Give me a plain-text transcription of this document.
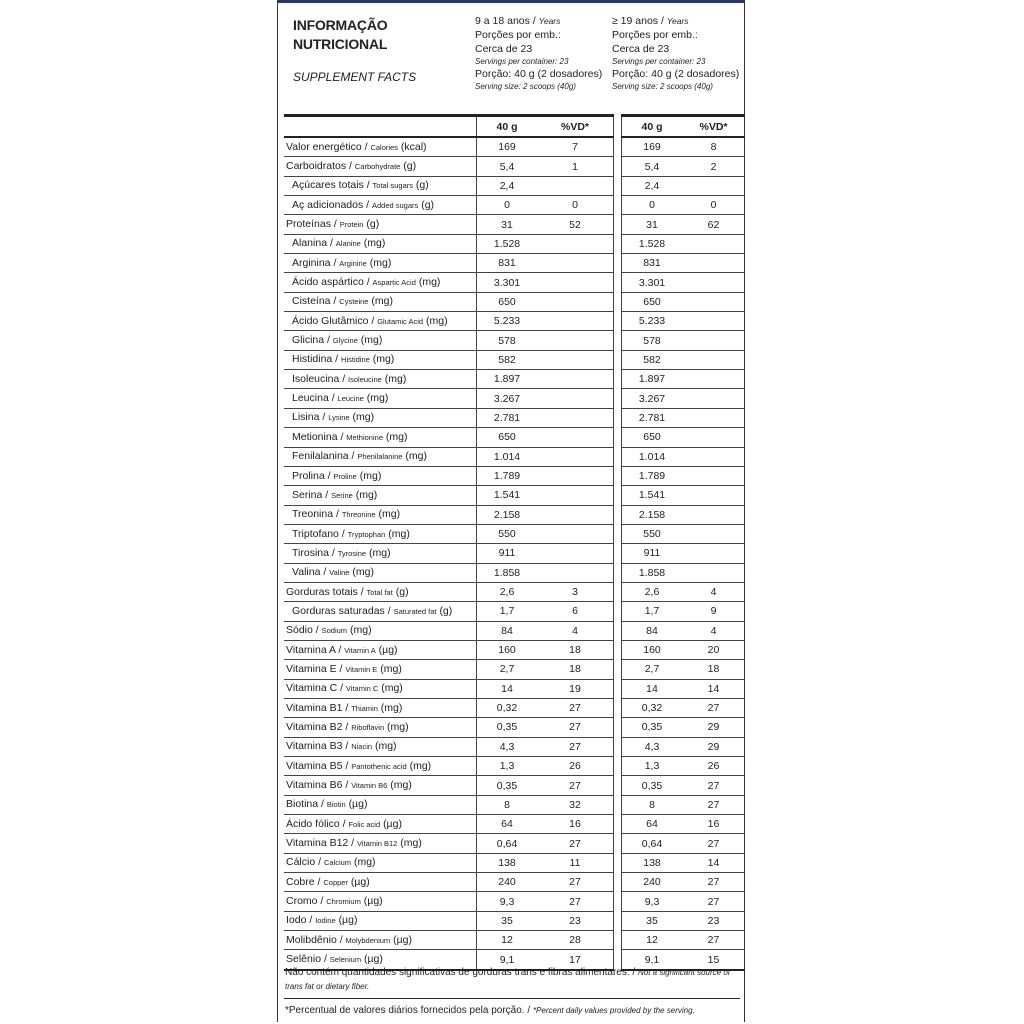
INFORMAÇÃO
NUTRICIONAL
SUPPLEMENT FACTS
9 a 18 anos / Years
Porções por emb.:
Cerca de 23
Servings per container: 23
Porção: 40 g (2 dosadores)
Serving size: 2 scoops (40g)
≥ 19 anos / Years
Porções por emb.:
Cerca de 23
Servings per container: 23
Porção: 40 g (2 dosadores)
Serving size: 2 scoops (40g)
	40 g	%VD*		40 g	%VD*
Valor energético / Calories (kcal)	169	7		169	8
Carboidratos / Carbohydrate (g)	5,4	1		5,4	2
Açúcares totais / Total sugars (g)	2,4			2,4	
Aç adicionados / Added sugars (g)	0	0		0	0
Proteínas / Protein (g)	31	52		31	62
Alanina / Alanine (mg)	1.528			1.528	
Arginina / Arginine (mg)	831			831	
Ácido aspártico / Aspartic Acid (mg)	3.301			3.301	
Cisteína / Cysteine (mg)	650			650	
Ácido Glutâmico / Glutamic Acid (mg)	5.233			5.233	
Glicina / Glycine (mg)	578			578	
Histidina / Histidine (mg)	582			582	
Isoleucina / Isoleucine (mg)	1.897			1.897	
Leucina / Leucine (mg)	3.267			3.267	
Lisina / Lysine (mg)	2.781			2.781	
Metionina / Methionine (mg)	650			650	
Fenilalanina / Phenilalanine (mg)	1.014			1.014	
Prolina / Proline (mg)	1.789			1.789	
Serina / Serine (mg)	1.541			1.541	
Treonina / Threonine (mg)	2.158			2.158	
Triptofano / Tryptophan (mg)	550			550	
Tirosina / Tyrosine (mg)	911			911	
Valina / Valine (mg)	1.858			1.858	
Gorduras totais / Total fat (g)	2,6	3		2,6	4
Gorduras saturadas / Saturated fat (g)	1,7	6		1,7	9
Sódio / Sodium (mg)	84	4		84	4
Vitamina A / Vitamin A (µg)	160	18		160	20
Vitamina E / Vitamin E (mg)	2,7	18		2,7	18
Vitamina C / Vitamin C (mg)	14	19		14	14
Vitamina B1 / Thiamin (mg)	0,32	27		0,32	27
Vitamina B2 / Riboflavin (mg)	0,35	27		0,35	29
Vitamina B3 / Niacin (mg)	4,3	27		4,3	29
Vitamina B5 / Pantothenic acid (mg)	1,3	26		1,3	26
Vitamina B6 / Vitamin B6 (mg)	0,35	27		0,35	27
Biotina / Biotin (µg)	8	32		8	27
Ácido fólico / Folic acid (µg)	64	16		64	16
Vitamina B12 / Vitamin B12 (mg)	0,64	27		0,64	27
Cálcio / Calcium (mg)	138	11		138	14
Cobre / Copper (µg)	240	27		240	27
Cromo / Chromium (µg)	9,3	27		9,3	27
Iodo / Iodine (µg)	35	23		35	23
Molibdênio / Molybdenium (µg)	12	28		12	27
Selênio / Selenium (µg)	9,1	17		9,1	15
Não contém quantidades significativas de gorduras trans e fibras alimentares. / Not a significant source of trans fat or dietary fiber.
*Percentual de valores diários fornecidos pela porção. / *Percent daily values provided by the serving.
